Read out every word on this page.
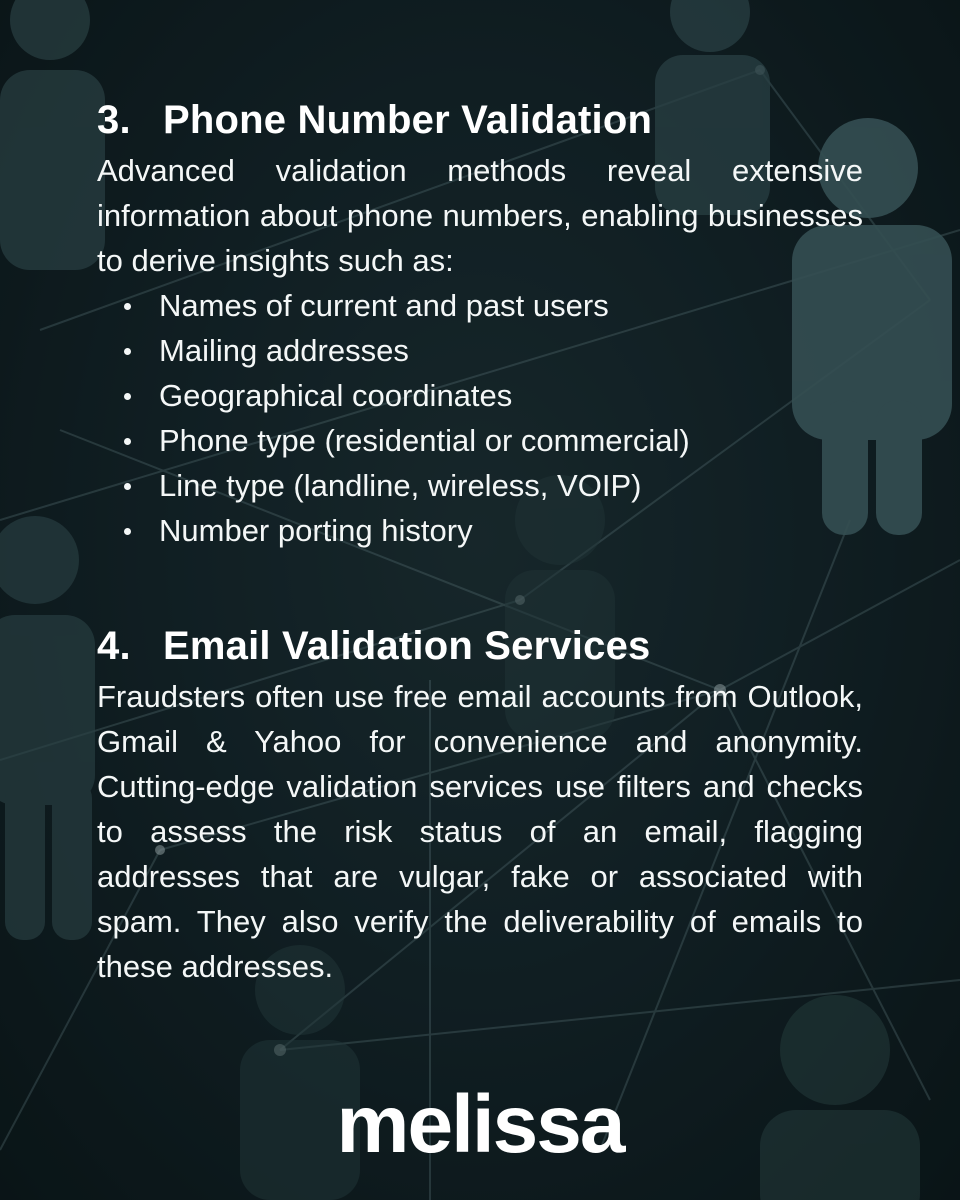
3. Phone Number Validation

Advanced validation methods reveal extensive information about phone numbers, enabling businesses to derive insights such as:

Names of current and past users
Mailing addresses
Geographical coordinates
Phone type (residential or commercial)
Line type (landline, wireless, VOIP)
Number porting history
4. Email Validation Services

Fraudsters often use free email accounts from Outlook, Gmail & Yahoo for convenience and anonymity. Cutting-edge validation services use filters and checks to assess the risk status of an email, flagging addresses that are vulgar, fake or associated with spam. They also verify the deliverability of emails to these addresses.

melissa
